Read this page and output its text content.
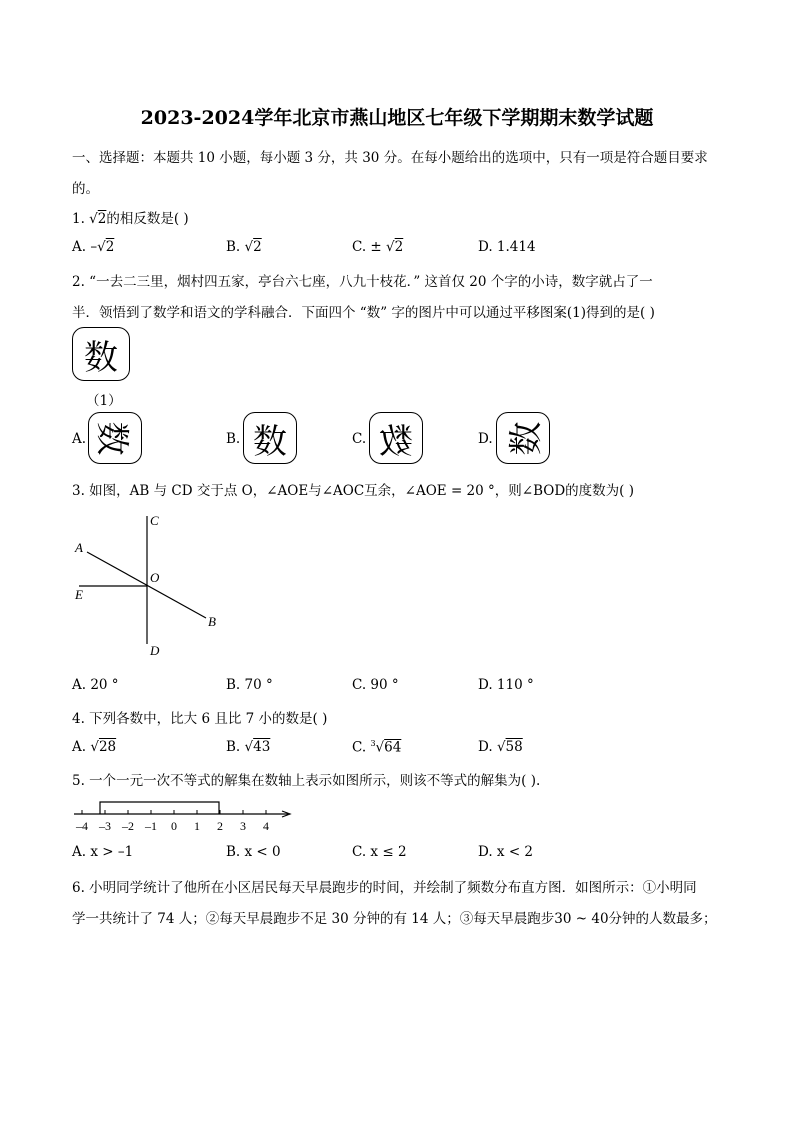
2023-2024学年北京市燕山地区七年级下学期期末数学试题
一、选择题：本题共 10 小题，每小题 3 分，共 30 分。在每小题给出的选项中，只有一项是符合题目要求
的。
1. √2的相反数是( )
A. –√2	B. √2	C. ± √2	D. 1.414
2. “一去二三里，烟村四五家，亭台六七座，八九十枝花．” 这首仅 20 个字的小诗，数字就占了一
半．领悟到了数学和语文的学科融合．下面四个 “数” 字的图片中可以通过平移图案(1)得到的是( )
数
（1）
A. 数	B. 数	C. 数	D. 数
3. 如图，AB 与 CD 交于点 O，∠AOE与∠AOC互余，∠AOE = 20 °，则∠BOD的度数为( )
C
A
O
E
B
D
A. 20 °	B. 70 °	C. 90 °	D. 110 °
4. 下列各数中，比大 6 且比 7 小的数是( )
A. √28	B. √43	C. $^3$√64	D. √58
5. 一个一元一次不等式的解集在数轴上表示如图所示，则该不等式的解集为( ).
–4 –3 –2 –1 0 1 2 3 4
A. x > –1	B. x < 0	C. x ≤ 2	D. x < 2
6. 小明同学统计了他所在小区居民每天早晨跑步的时间，并绘制了频数分布直方图．如图所示：①小明同
学一共统计了 74 人；②每天早晨跑步不足 30 分钟的有 14 人；③每天早晨跑步30 ~ 40分钟的人数最多；
